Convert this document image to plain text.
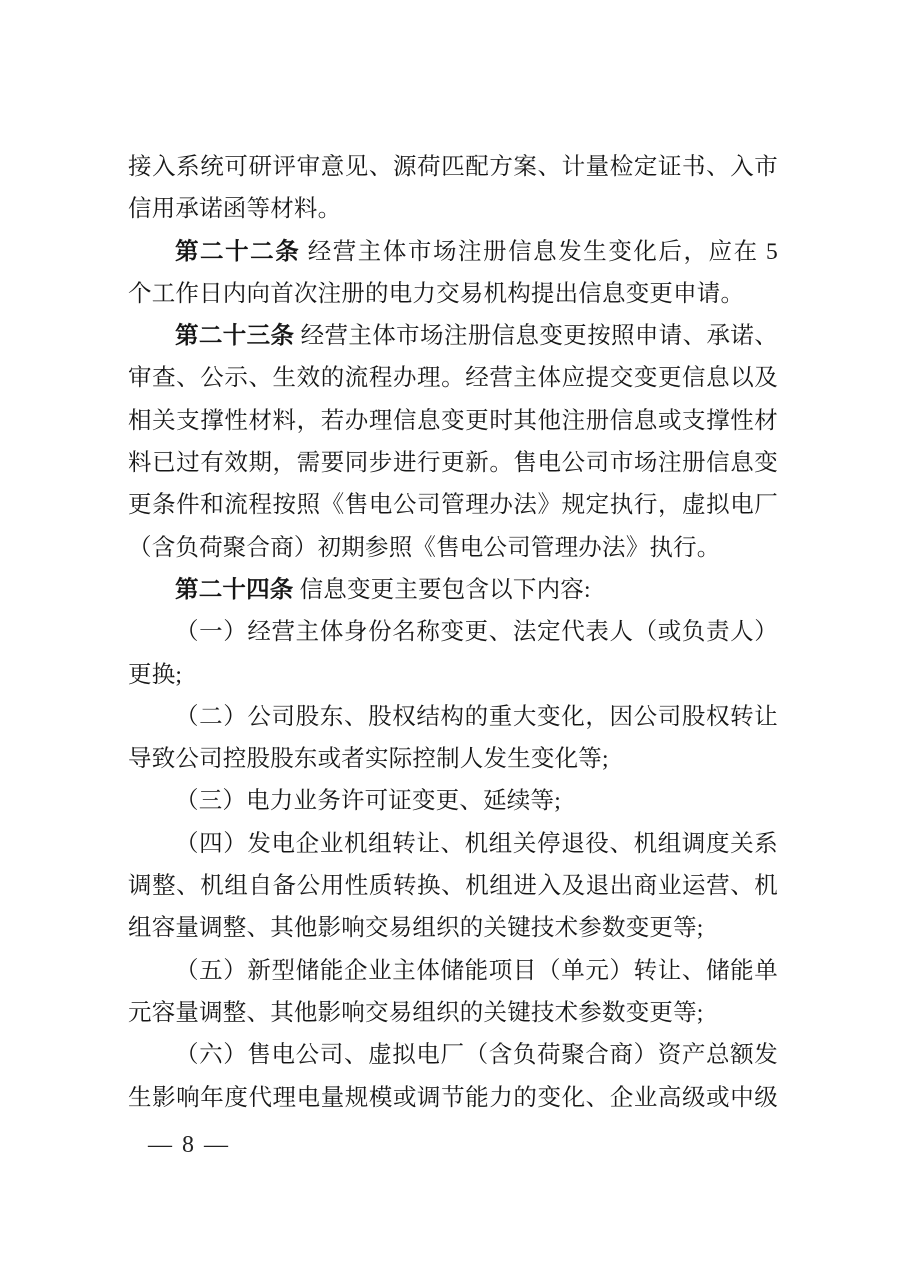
接入系统可研评审意见、源荷匹配方案、计量检定证书、入市
信用承诺函等材料。
第二十二条 经营主体市场注册信息发生变化后，应在 5
个工作日内向首次注册的电力交易机构提出信息变更申请。
第二十三条 经营主体市场注册信息变更按照申请、承诺、
审查、公示、生效的流程办理。经营主体应提交变更信息以及
相关支撑性材料，若办理信息变更时其他注册信息或支撑性材
料已过有效期，需要同步进行更新。售电公司市场注册信息变
更条件和流程按照《售电公司管理办法》规定执行，虚拟电厂
（含负荷聚合商）初期参照《售电公司管理办法》执行。
第二十四条 信息变更主要包含以下内容:
（一）经营主体身份名称变更、法定代表人（或负责人）
更换;
（二）公司股东、股权结构的重大变化，因公司股权转让
导致公司控股股东或者实际控制人发生变化等;
（三）电力业务许可证变更、延续等;
（四）发电企业机组转让、机组关停退役、机组调度关系
调整、机组自备公用性质转换、机组进入及退出商业运营、机
组容量调整、其他影响交易组织的关键技术参数变更等;
（五）新型储能企业主体储能项目（单元）转让、储能单
元容量调整、其他影响交易组织的关键技术参数变更等;
（六）售电公司、虚拟电厂（含负荷聚合商）资产总额发
生影响年度代理电量规模或调节能力的变化、企业高级或中级
— 8 —
